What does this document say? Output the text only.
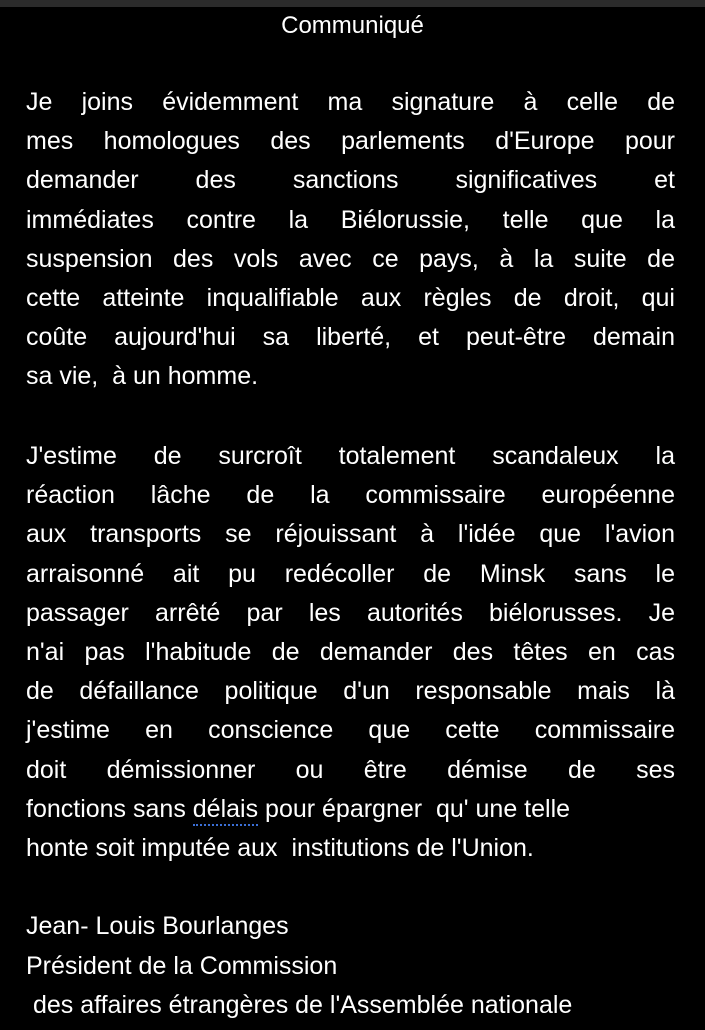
Communiqué
Je joins évidemment ma signature à celle de
mes homologues des parlements d'Europe pour
demander des sanctions significatives et
immédiates contre la Biélorussie, telle que la
suspension des vols avec ce pays, à la suite de
cette atteinte inqualifiable aux règles de droit, qui
coûte aujourd'hui sa liberté, et peut-être demain
sa vie,  à un homme.
J'estime de surcroît totalement scandaleux la
réaction lâche de la commissaire européenne
aux transports se réjouissant à l'idée que l'avion
arraisonné ait pu redécoller de Minsk sans le
passager arrêté par les autorités biélorusses. Je
n'ai pas l'habitude de demander des têtes en cas
de défaillance politique d'un responsable mais là
j'estime en conscience que cette commissaire
doit démissionner ou être démise de ses
fonctions sans délais pour épargner  qu' une telle
honte soit imputée aux  institutions de l'Union.
Jean- Louis Bourlanges
Président de la Commission
des affaires étrangères de l'Assemblée nationale
